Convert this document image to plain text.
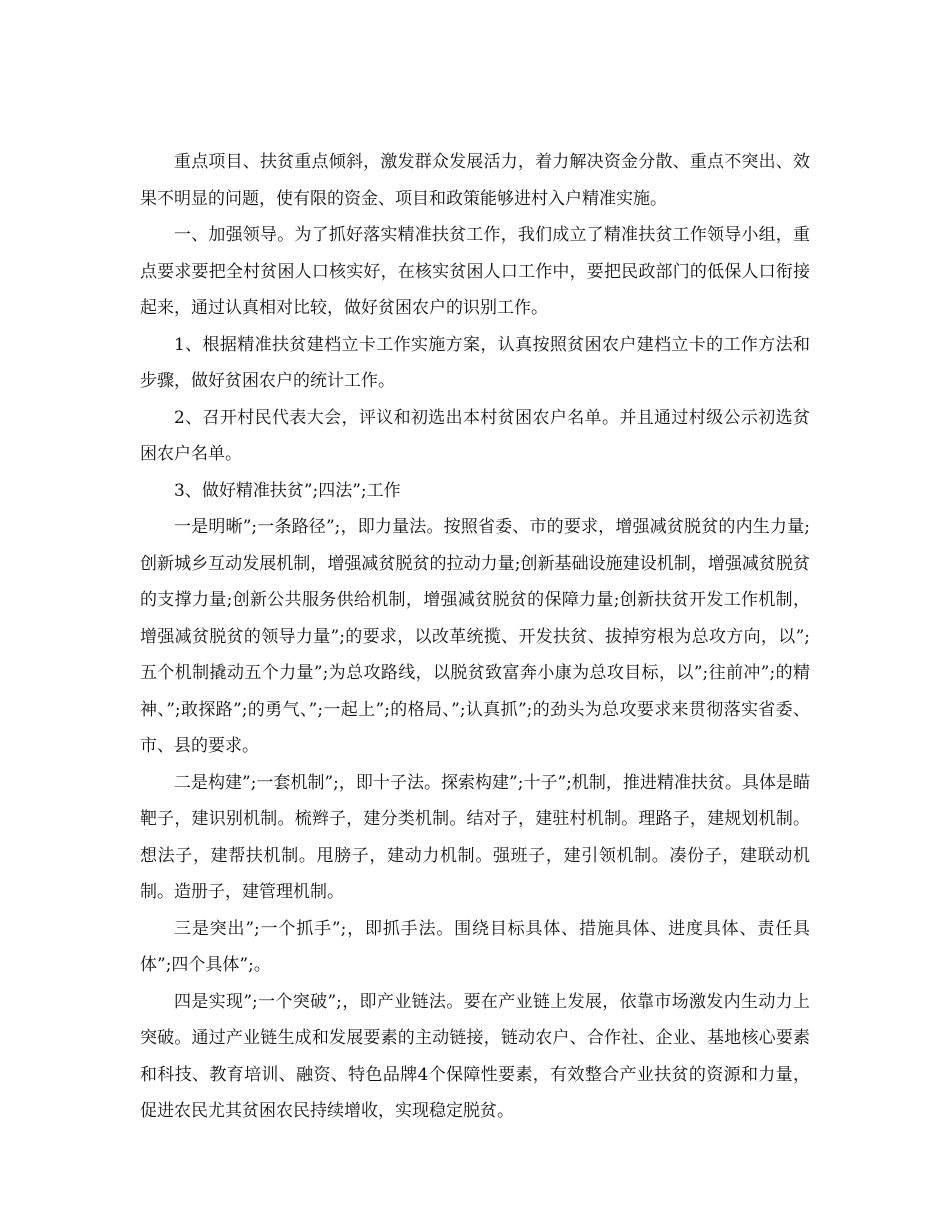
重点项目、扶贫重点倾斜，激发群众发展活力，着力解决资金分散、重点不突出、效果不明显的问题，使有限的资金、项目和政策能够进村入户精准实施。

一、加强领导。为了抓好落实精准扶贫工作，我们成立了精准扶贫工作领导小组，重点要求要把全村贫困人口核实好，在核实贫困人口工作中，要把民政部门的低保人口衔接起来，通过认真相对比较，做好贫困农户的识别工作。

1、根据精准扶贫建档立卡工作实施方案，认真按照贫困农户建档立卡的工作方法和步骤，做好贫困农户的统计工作。

2、召开村民代表大会，评议和初选出本村贫困农户名单。并且通过村级公示初选贫困农户名单。

3、做好精准扶贫”;四法”;工作

一是明晰”;一条路径”;，即力量法。按照省委、市的要求，增强减贫脱贫的内生力量;创新城乡互动发展机制，增强减贫脱贫的拉动力量;创新基础设施建设机制，增强减贫脱贫的支撑力量;创新公共服务供给机制，增强减贫脱贫的保障力量;创新扶贫开发工作机制，增强减贫脱贫的领导力量”;的要求，以改革统揽、开发扶贫、拔掉穷根为总攻方向，以”;五个机制撬动五个力量”;为总攻路线，以脱贫致富奔小康为总攻目标，以”;往前冲”;的精神、”;敢探路”;的勇气、”;一起上”;的格局、”;认真抓”;的劲头为总攻要求来贯彻落实省委、市、县的要求。

二是构建”;一套机制”;，即十子法。探索构建”;十子”;机制，推进精准扶贫。具体是瞄靶子，建识别机制。梳辫子，建分类机制。结对子，建驻村机制。理路子，建规划机制。想法子，建帮扶机制。甩膀子，建动力机制。强班子，建引领机制。凑份子，建联动机制。造册子，建管理机制。

三是突出”;一个抓手”;，即抓手法。围绕目标具体、措施具体、进度具体、责任具体”;四个具体”;。

四是实现”;一个突破”;，即产业链法。要在产业链上发展，依靠市场激发内生动力上突破。通过产业链生成和发展要素的主动链接，链动农户、合作社、企业、基地核心要素和科技、教育培训、融资、特色品牌4个保障性要素，有效整合产业扶贫的资源和力量，促进农民尤其贫困农民持续增收，实现稳定脱贫。
